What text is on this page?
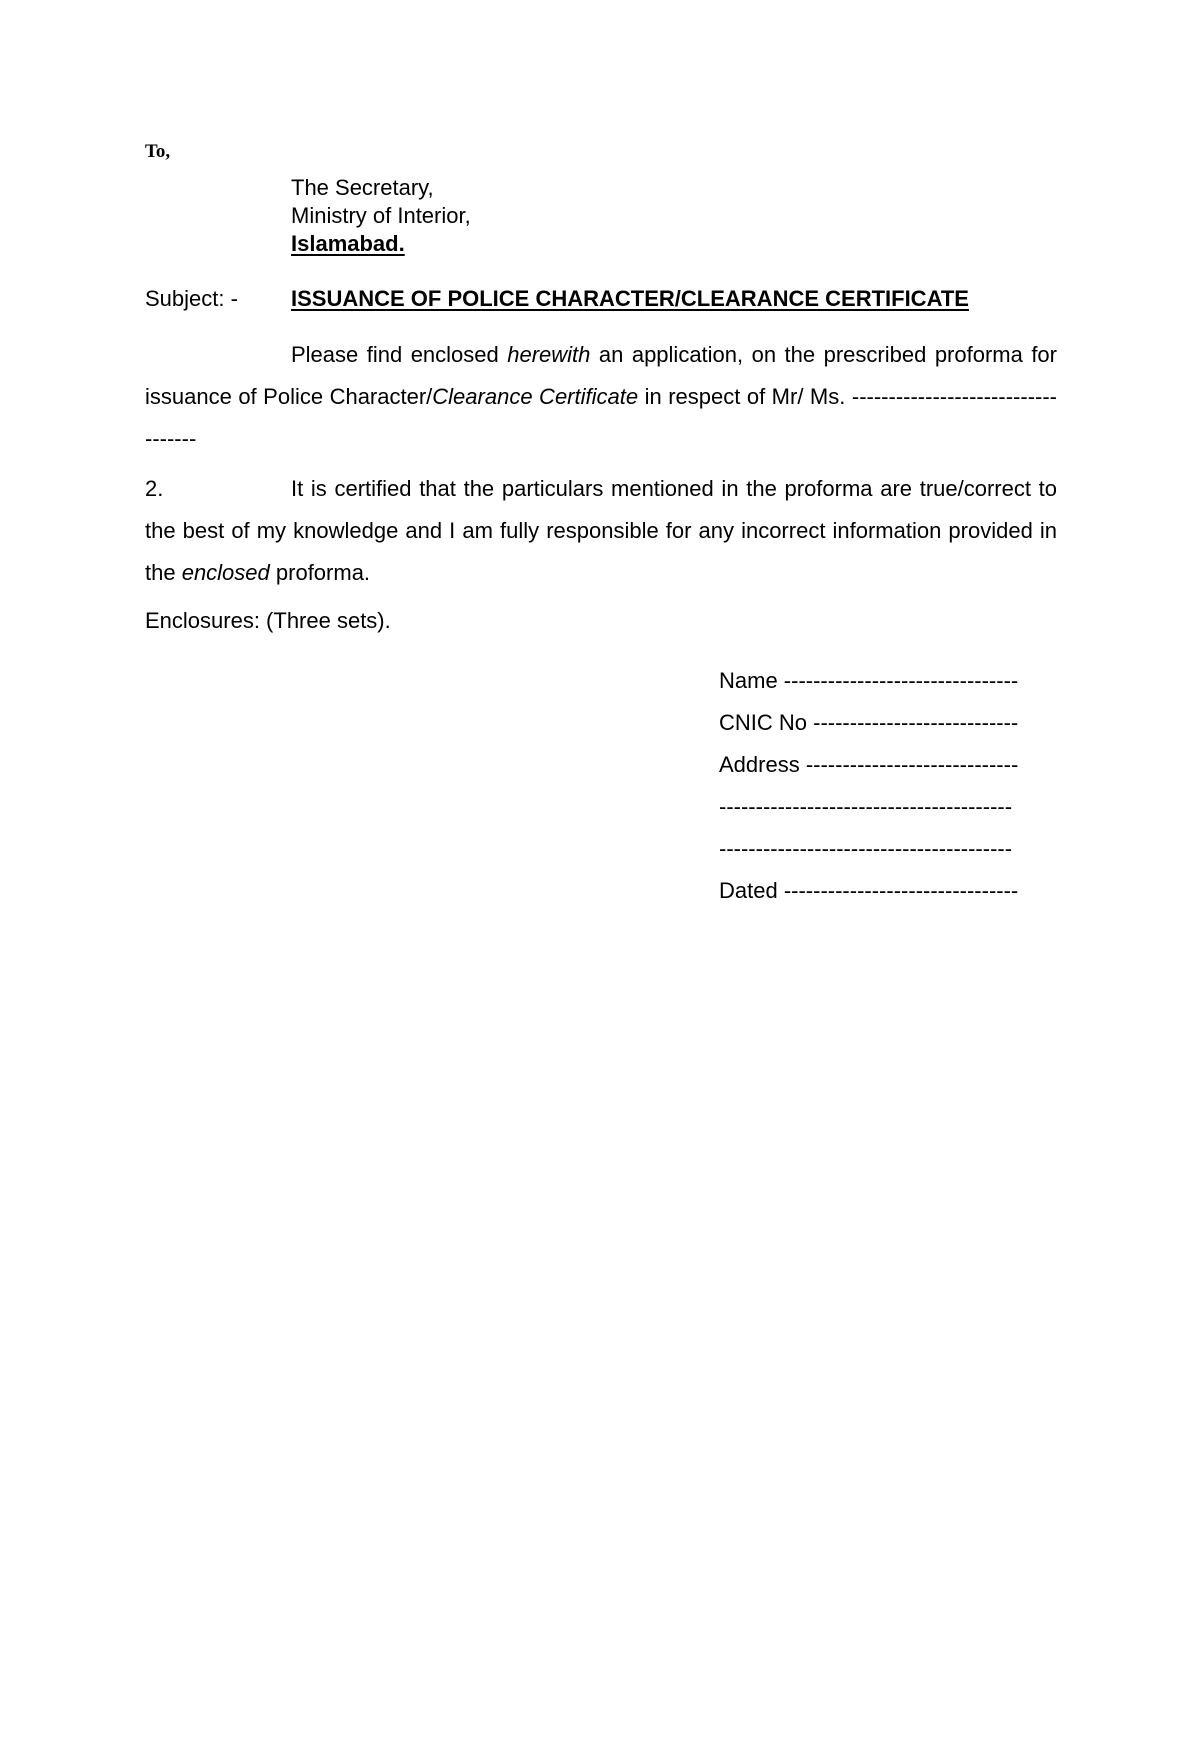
To,
The Secretary,
Ministry of Interior,
Islamabad.
Subject: - ISSUANCE OF POLICE CHARACTER/CLEARANCE CERTIFICATE
Please find enclosed herewith an application, on the prescribed proforma for issuance of Police Character/Clearance Certificate in respect of Mr/ Ms. -----------------------------------
2.	It is certified that the particulars mentioned in the proforma are true/correct to the best of my knowledge and I am fully responsible for any incorrect information provided in the enclosed proforma.
Enclosures: (Three sets).
Name --------------------------------
CNIC No ----------------------------
Address -----------------------------
----------------------------------------
----------------------------------------
Dated --------------------------------
